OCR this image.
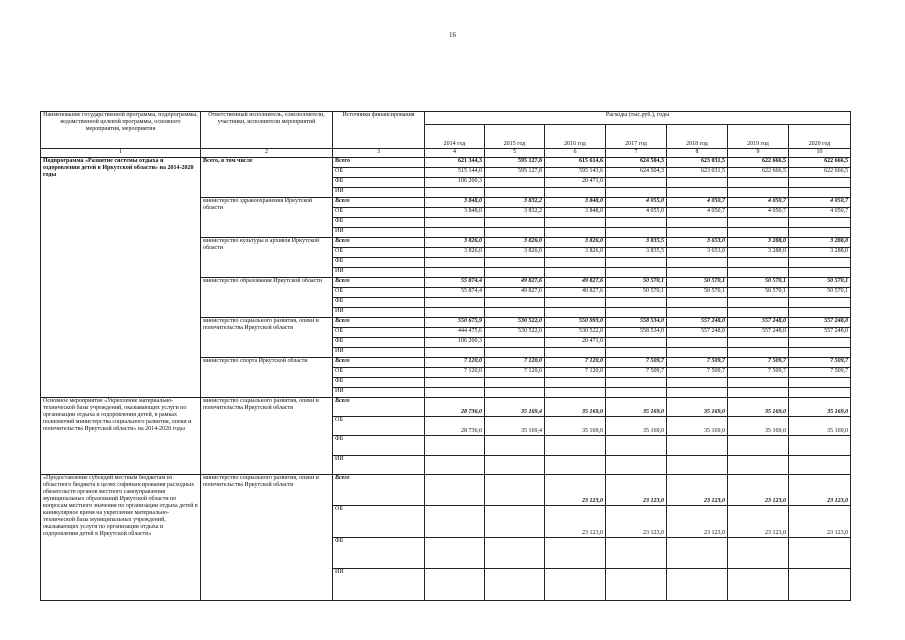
16
Наименование государственной программы, подпрограммы, ведомственной целевой программы, основного мероприятия, мероприятия	Ответственный исполнитель, соисполнители, участники, исполнители мероприятий	Источники финансирования	Расходы (тыс.руб.), годы						
			2014 год	2015 год	2016 год	2017 год	2018 год	2019 год	2020 год
1	2	3	4	5	6	7	8	9	10
Подпрограмма «Развитие системы отдыха и оздоровления детей в Иркутской области» на 2014-2020 годы	Всего, в том числе	Всего	621 344,3	595 127,8	615 614,6	624 504,3	623 031,5	622 666,5	622 666,5
		ОБ	515 144,0	595 127,8	595 143,6	624 504,3	623 031,5	622 666,5	622 666,5
		ФБ	106 200,3		20 471,0				
		ИИ							
	министерство здравоохранения Иркутской области	Всего	3 848,0	3 832,2	3 848,0	4 055,0	4 050,7	4 050,7	4 050,7
		ОБ	3 848,0	3 832,2	3 848,0	4 055,0	4 050,7	4 050,7	4 050,7
		ФБ							
		ИИ							
	министерство культуры и архивов Иркутской области	Всего	3 826,0	3 826,0	3 826,0	3 835,5	3 653,0	3 288,0	3 288,0
		ОБ	3 826,0	3 826,0	3 826,0	3 835,5	3 653,0	3 288,0	3 288,0
		ФБ							
		ИИ							
	министерство образования Иркутской области	Всего	55 874,4	49 827,6	49 827,6	50 570,1	50 570,1	50 570,1	50 570,1
		ОБ	55 874,4	49 827,6	49 827,6	50 570,1	50 570,1	50 570,1	50 570,1
		ФБ							
		ИИ							
	министерство социального развития, опеки и попечительства Иркутской области	Всего	550 675,9	530 522,0	550 993,0	558 534,0	557 248,0	557 248,0	557 248,0
		ОБ	444 475,6	530 522,0	530 522,0	558 534,0	557 248,0	557 248,0	557 248,0
		ФБ	106 200,3		20 471,0				
		ИИ							
	министерство спорта Иркутской области	Всего	7 120,0	7 120,0	7 120,0	7 509,7	7 509,7	7 509,7	7 509,7
		ОБ	7 120,0	7 120,0	7 120,0	7 509,7	7 509,7	7 509,7	7 509,7
		ФБ							
		ИИ							
Основное мероприятие «Укрепление материально-технической базы учреждений, оказывающих услуги по организации отдыха и оздоровления детей, в рамках полномочий министерства социального развития, опеки и попечительства Иркутской области» на 2014-2020 годы	министерство социального развития, опеки и попечительства Иркутской области	Всего	28 736,0	35 169,4	35 169,0	35 169,0	35 169,0	35 169,0	35 169,0
		ОБ	28 736,0	35 169,4	35 169,0	35 169,0	35 169,0	35 169,0	35 169,0
		ФБ							
		ИИ							
«Предоставление субсидий местным бюджетам из областного бюджета в целях софинансирования расходных обязательств органов местного самоуправления муниципальных образований Иркутской области по вопросам местного значения по организации отдыха детей в каникулярное время на укрепление материально-технической базы муниципальных учреждений, оказывающих услуги по организации отдыха и оздоровления детей в Иркутской области»	министерство социального развития, опеки и попечительства Иркутской области	Всего			23 123,0	23 123,0	23 123,0	23 123,0	23 123,0
		ОБ			23 123,0	23 123,0	23 123,0	23 123,0	23 123,0
		ФБ							
		ИИ							
